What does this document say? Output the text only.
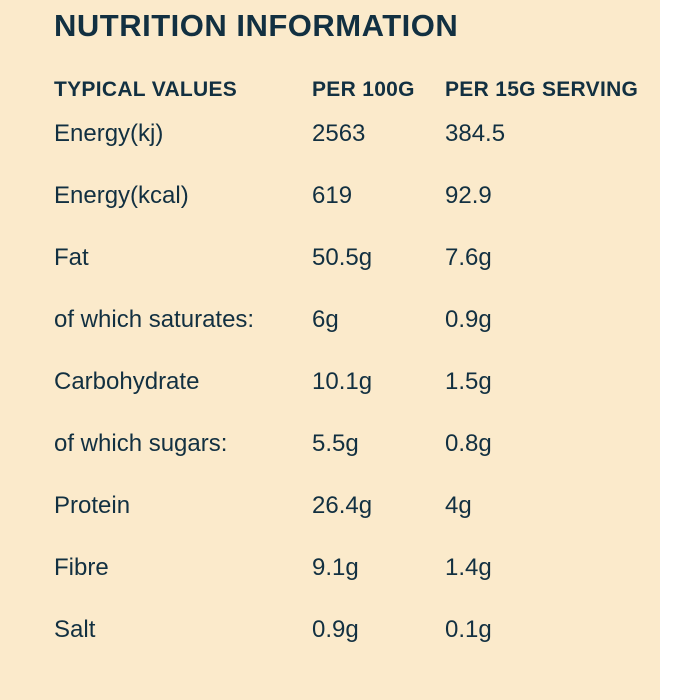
NUTRITION INFORMATION
TYPICAL VALUES	PER 100G	PER 15G SERVING
Energy(kj)	2563	384.5
Energy(kcal)	619	92.9
Fat	50.5g	7.6g
of which saturates:	6g	0.9g
Carbohydrate	10.1g	1.5g
of which sugars:	5.5g	0.8g
Protein	26.4g	4g
Fibre	9.1g	1.4g
Salt	0.9g	0.1g
